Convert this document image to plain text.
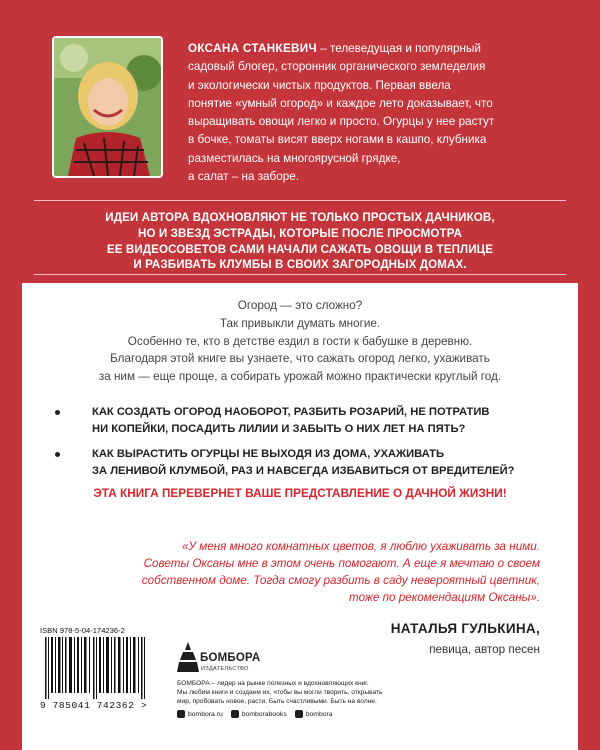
ОКСАНА СТАНКЕВИЧ – телеведущая и популярный
садовый блогер, сторонник органического земледелия
и экологически чистых продуктов. Первая ввела
понятие «умный огород» и каждое лето доказывает, что
выращивать овощи легко и просто. Огурцы у нее растут
в бочке, томаты висят вверх ногами в кашпо, клубника
разместилась на многоярусной грядке,
а салат – на заборе.
ИДЕИ АВТОРА ВДОХНОВЛЯЮТ НЕ ТОЛЬКО ПРОСТЫХ ДАЧНИКОВ,
НО И ЗВЕЗД ЭСТРАДЫ, КОТОРЫЕ ПОСЛЕ ПРОСМОТРА
ЕЕ ВИДЕОСОВЕТОВ САМИ НАЧАЛИ САЖАТЬ ОВОЩИ В ТЕПЛИЦЕ
И РАЗБИВАТЬ КЛУМБЫ В СВОИХ ЗАГОРОДНЫХ ДОМАХ.
Огород — это сложно?
Так привыкли думать многие.
Особенно те, кто в детстве ездил в гости к бабушке в деревню.
Благодаря этой книге вы узнаете, что сажать огород легко, ухаживать
за ним — еще проще, а собирать урожай можно практически круглый год.
КАК СОЗДАТЬ ОГОРОД НАОБОРОТ, РАЗБИТЬ РОЗАРИЙ, НЕ ПОТРАТИВ
НИ КОПЕЙКИ, ПОСАДИТЬ ЛИЛИИ И ЗАБЫТЬ О НИХ ЛЕТ НА ПЯТЬ?
КАК ВЫРАСТИТЬ ОГУРЦЫ НЕ ВЫХОДЯ ИЗ ДОМА, УХАЖИВАТЬ
ЗА ЛЕНИВОЙ КЛУМБОЙ, РАЗ И НАВСЕГДА ИЗБАВИТЬСЯ ОТ ВРЕДИТЕЛЕЙ?
ЭТА КНИГА ПЕРЕВЕРНЕТ ВАШЕ ПРЕДСТАВЛЕНИЕ О ДАЧНОЙ ЖИЗНИ!
«У меня много комнатных цветов, я люблю ухаживать за ними.
Советы Оксаны мне в этом очень помогают. А еще я мечтаю о своем
собственном доме. Тогда смогу разбить в саду невероятный цветник,
тоже по рекомендациям Оксаны».
НАТАЛЬЯ ГУЛЬКИНА,
певица, автор песен
ISBN 978-5-04-174236-2
9 785041 742362 >
БОМБОРА
ИЗДАТЕЛЬСТВО
БОМБОРА – лидер на рынке полезных и вдохновляющих книг.
Мы любим книги и создаем их, чтобы вы могли творить, открывать
мир, пробовать новое, расти. Быть счастливыми. Быть на волне.
bombora.ru	bomborabooks	bombora
